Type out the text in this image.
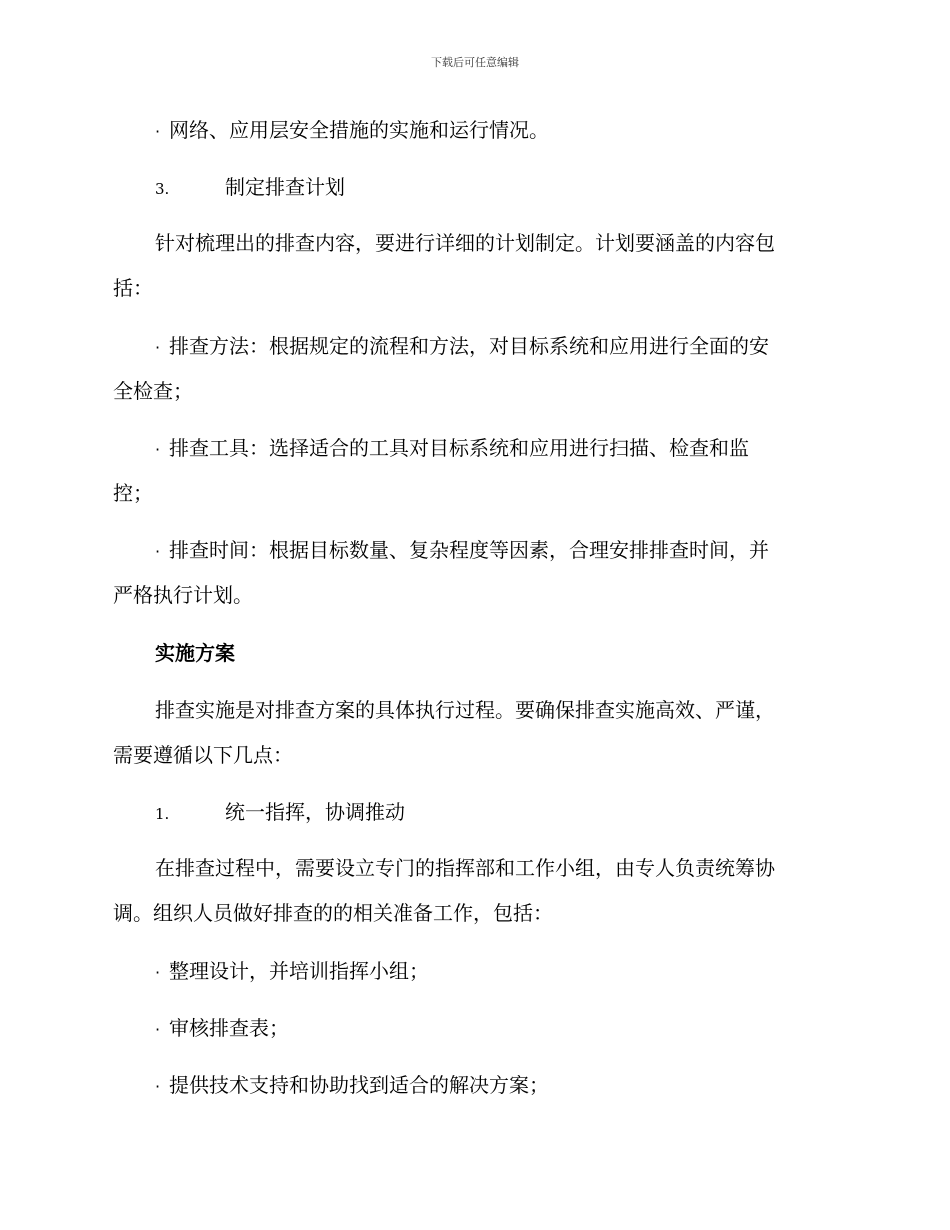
下载后可任意编辑
· 网络、应用层安全措施的实施和运行情况。
3.	制定排查计划
针对梳理出的排查内容，要进行详细的计划制定。计划要涵盖的内容包
括：
· 排查方法：根据规定的流程和方法，对目标系统和应用进行全面的安
全检查；
· 排查工具：选择适合的工具对目标系统和应用进行扫描、检查和监
控；
· 排查时间：根据目标数量、复杂程度等因素，合理安排排查时间，并
严格执行计划。
实施方案
排查实施是对排查方案的具体执行过程。要确保排查实施高效、严谨，
需要遵循以下几点：
1.	统一指挥，协调推动
在排查过程中，需要设立专门的指挥部和工作小组，由专人负责统筹协
调。组织人员做好排查的的相关准备工作，包括：
· 整理设计，并培训指挥小组；
· 审核排查表；
· 提供技术支持和协助找到适合的解决方案；
